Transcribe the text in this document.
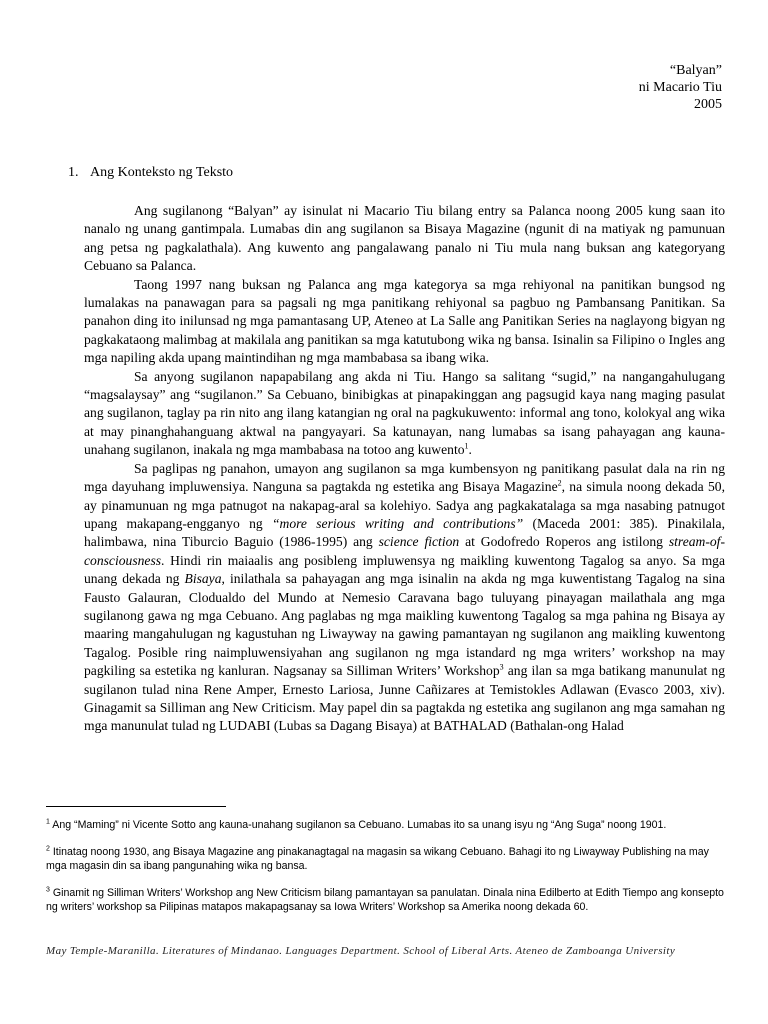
“Balyan”
ni Macario Tiu
2005
1. Ang Konteksto ng Teksto

Ang sugilanong “Balyan” ay isinulat ni Macario Tiu bilang entry sa Palanca noong 2005 kung saan ito nanalo ng unang gantimpala. Lumabas din ang sugilanon sa Bisaya Magazine (ngunit di na matiyak ng pamunuan ang petsa ng pagkalathala). Ang kuwento ang pangalawang panalo ni Tiu mula nang buksan ang kategoryang Cebuano sa Palanca.

Taong 1997 nang buksan ng Palanca ang mga kategorya sa mga rehiyonal na panitikan bungsod ng lumalakas na panawagan para sa pagsali ng mga panitikang rehiyonal sa pagbuo ng Pambansang Panitikan. Sa panahon ding ito inilunsad ng mga pamantasang UP, Ateneo at La Salle ang Panitikan Series na naglayong bigyan ng pagkakataong malimbag at makilala ang panitikan sa mga katutubong wika ng bansa. Isinalin sa Filipino o Ingles ang mga napiling akda upang maintindihan ng mga mambabasa sa ibang wika.

Sa anyong sugilanon napapabilang ang akda ni Tiu. Hango sa salitang “sugid,” na nangangahulugang “magsalaysay” ang “sugilanon.” Sa Cebuano, binibigkas at pinapakinggan ang pagsugid kaya nang maging pasulat ang sugilanon, taglay pa rin nito ang ilang katangian ng oral na pagkukuwento: informal ang tono, kolokyal ang wika at may pinanghahanguang aktwal na pangyayari. Sa katunayan, nang lumabas sa isang pahayagan ang kauna-unahang sugilanon, inakala ng mga mambabasa na totoo ang kuwento$^1$.

Sa paglipas ng panahon, umayon ang sugilanon sa mga kumbensyon ng panitikang pasulat dala na rin ng mga dayuhang impluwensiya. Nanguna sa pagtakda ng estetika ang Bisaya Magazine$^2$, na simula noong dekada 50, ay pinamunuan ng mga patnugot na nakapag-aral sa kolehiyo. Sadya ang pagkakatalaga sa mga nasabing patnugot upang makapang-engganyo ng “more serious writing and contributions” (Maceda 2001: 385). Pinakilala, halimbawa, nina Tiburcio Baguio (1986-1995) ang science fiction at Godofredo Roperos ang istilong stream-of-consciousness. Hindi rin maiaalis ang posibleng impluwensya ng maikling kuwentong Tagalog sa anyo. Sa mga unang dekada ng Bisaya, inilathala sa pahayagan ang mga isinalin na akda ng mga kuwentistang Tagalog na sina Fausto Galauran, Clodualdo del Mundo at Nemesio Caravana bago tuluyang pinayagan mailathala ang mga sugilanong gawa ng mga Cebuano. Ang paglabas ng mga maikling kuwentong Tagalog sa mga pahina ng Bisaya ay maaring mangahulugan ng kagustuhan ng Liwayway na gawing pamantayan ng sugilanon ang maikling kuwentong Tagalog. Posible ring naimpluwensiyahan ang sugilanon ng mga istandard ng mga writers’ workshop na may pagkiling sa estetika ng kanluran. Nagsanay sa Silliman Writers’ Workshop$^3$ ang ilan sa mga batikang manunulat ng sugilanon tulad nina Rene Amper, Ernesto Lariosa, Junne Cañizares at Temistokles Adlawan (Evasco 2003, xiv). Ginagamit sa Silliman ang New Criticism. May papel din sa pagtakda ng estetika ang sugilanon ang mga samahan ng mga manunulat tulad ng LUDABI (Lubas sa Dagang Bisaya) at BATHALAD (Bathalan-ong Halad

$^1$ Ang “Maming” ni Vicente Sotto ang kauna-unahang sugilanon sa Cebuano. Lumabas ito sa unang isyu ng “Ang Suga” noong 1901.

$^2$ Itinatag noong 1930, ang Bisaya Magazine ang pinakanagtagal na magasin sa wikang Cebuano. Bahagi ito ng Liwayway Publishing na may mga magasin din sa ibang pangunahing wika ng bansa.

$^3$ Ginamit ng Silliman Writers’ Workshop ang New Criticism bilang pamantayan sa panulatan. Dinala nina Edilberto at Edith Tiempo ang konsepto ng writers’ workshop sa Pilipinas matapos makapagsanay sa Iowa Writers’ Workshop sa Amerika noong dekada 60.

May Temple-Maranilla. Literatures of Mindanao. Languages Department. School of Liberal Arts. Ateneo de Zamboanga University
